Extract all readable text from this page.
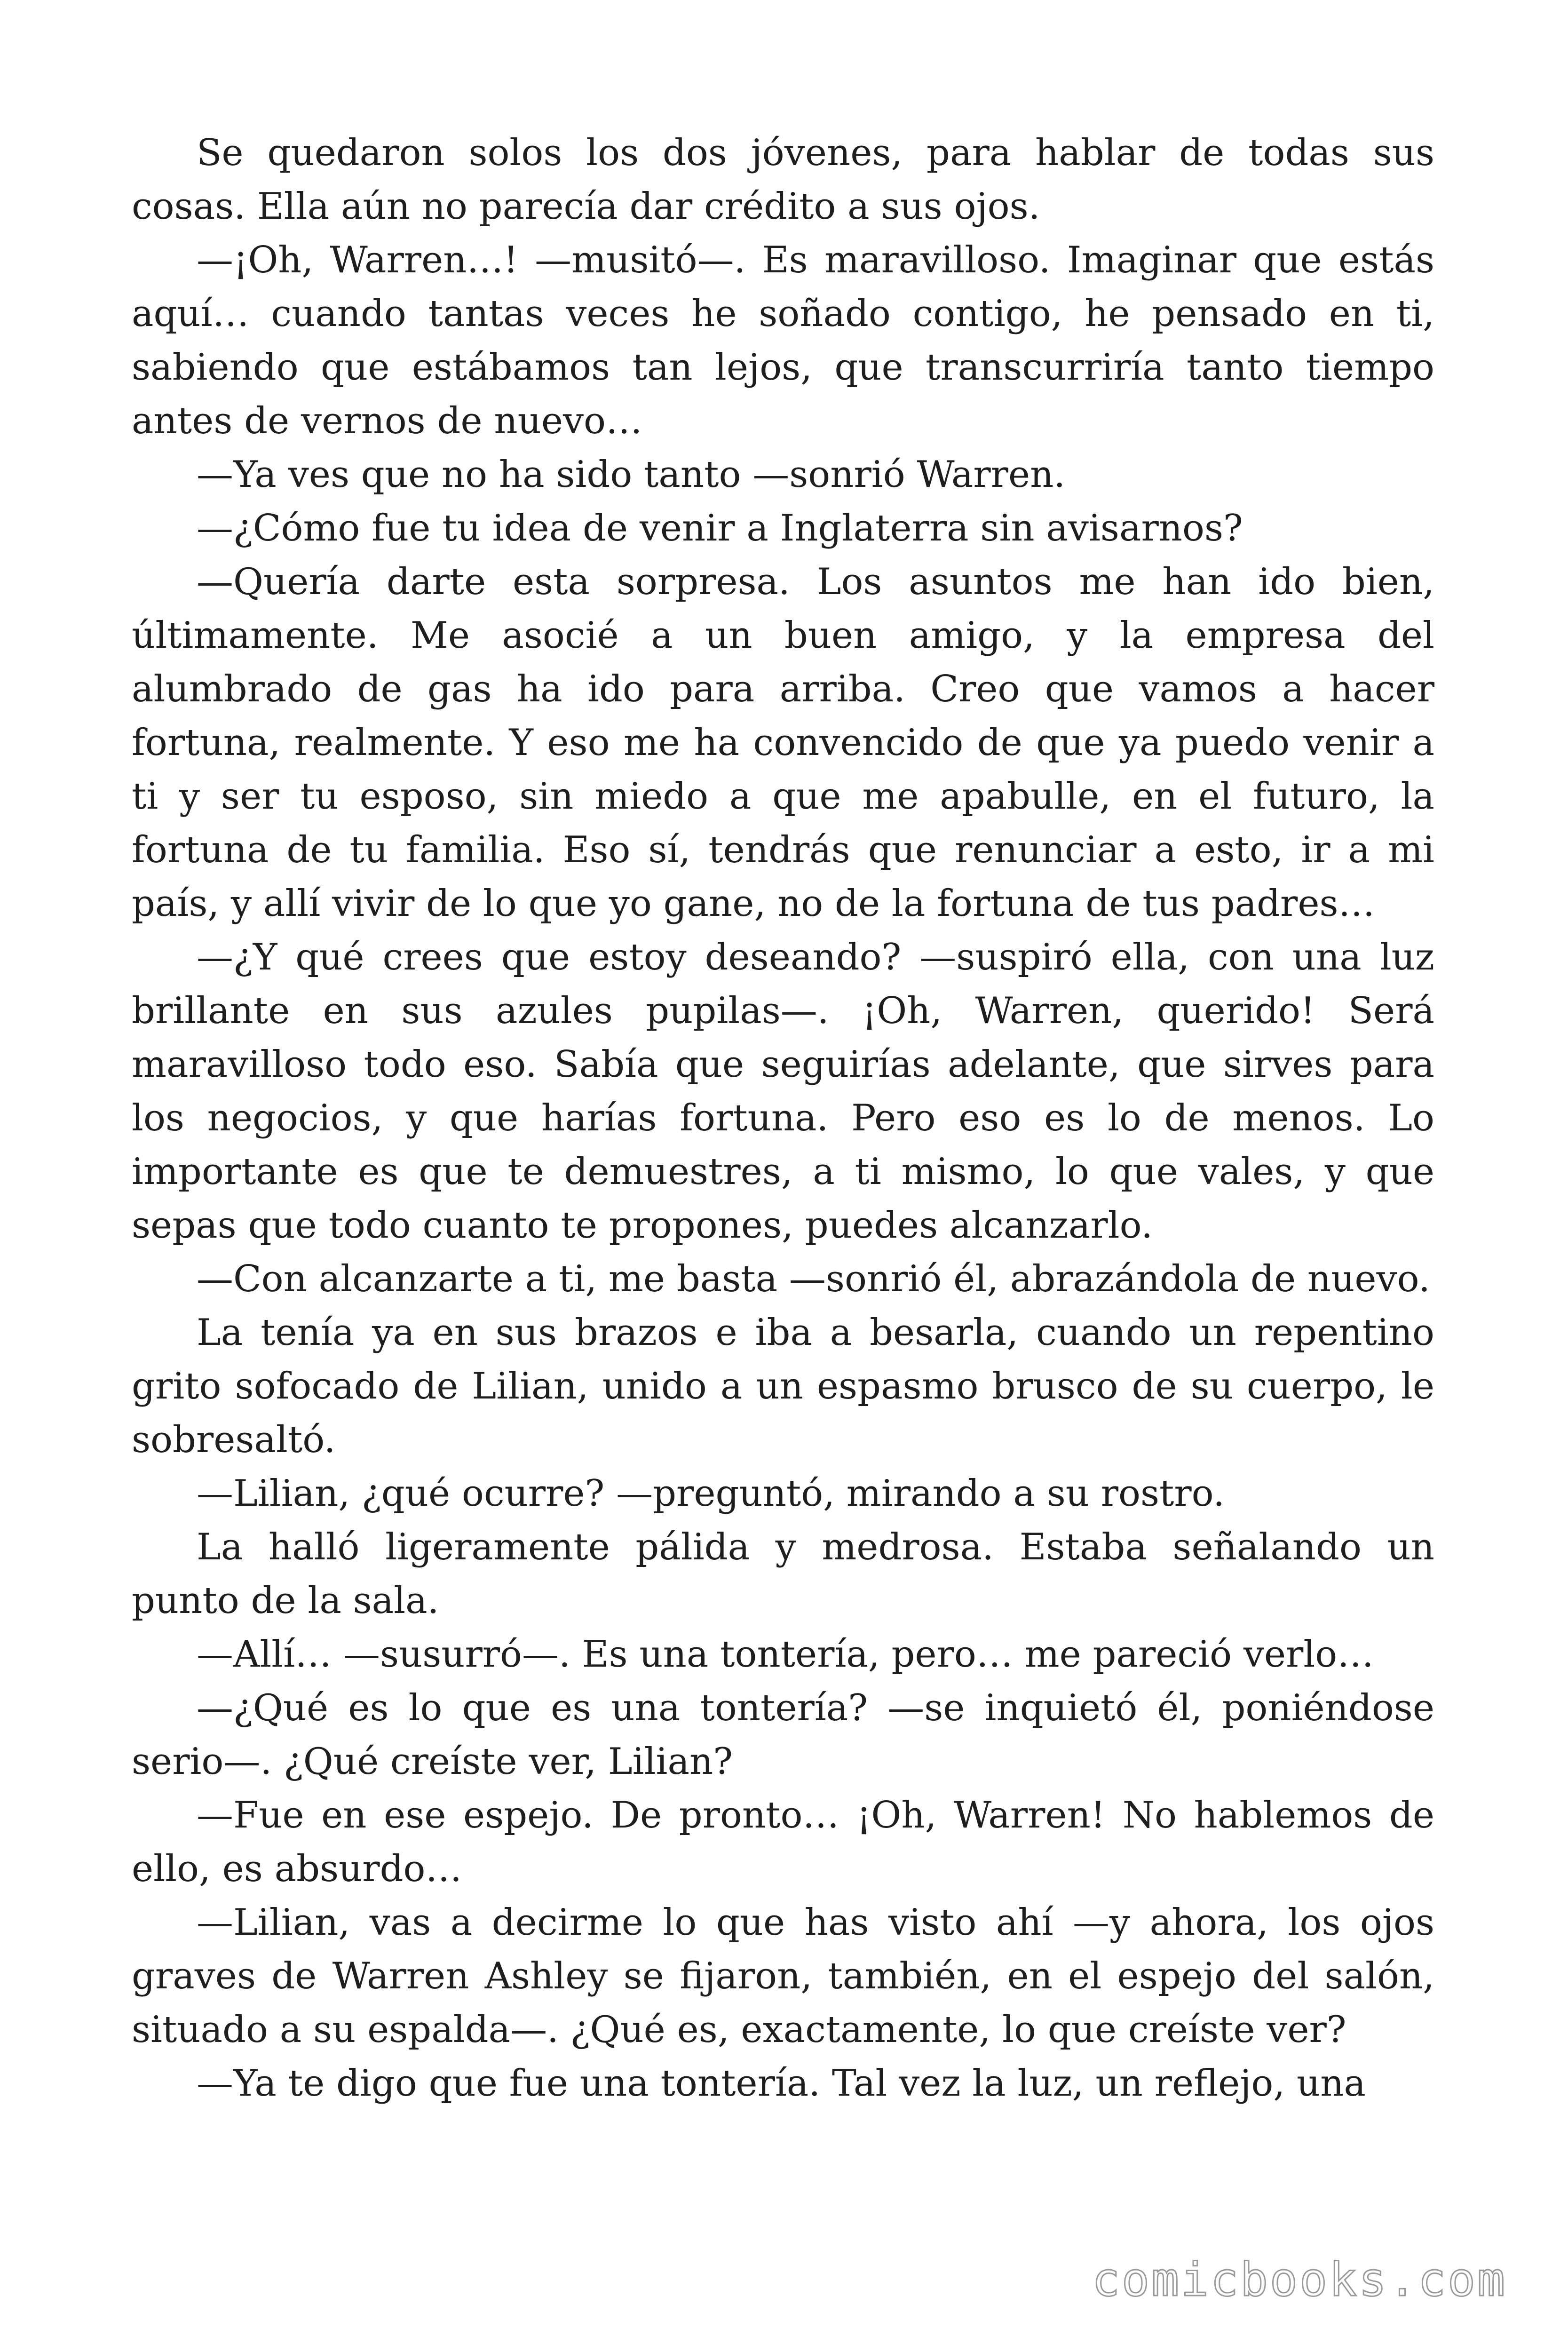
Se quedaron solos los dos jóvenes, para hablar de todas sus cosas. Ella aún no parecía dar crédito a sus ojos.

—¡Oh, Warren…! —musitó—. Es maravilloso. Imaginar que estás aquí… cuando tantas veces he soñado contigo, he pensado en ti, sabiendo que estábamos tan lejos, que transcurriría tanto tiempo antes de vernos de nuevo…

—Ya ves que no ha sido tanto —sonrió Warren.

—¿Cómo fue tu idea de venir a Inglaterra sin avisarnos?

—Quería darte esta sorpresa. Los asuntos me han ido bien, últimamente. Me asocié a un buen amigo, y la empresa del alumbrado de gas ha ido para arriba. Creo que vamos a hacer fortuna, realmente. Y eso me ha convencido de que ya puedo venir a ti y ser tu esposo, sin miedo a que me apabulle, en el futuro, la fortuna de tu familia. Eso sí, tendrás que renunciar a esto, ir a mi país, y allí vivir de lo que yo gane, no de la fortuna de tus padres…

—¿Y qué crees que estoy deseando? —suspiró ella, con una luz brillante en sus azules pupilas—. ¡Oh, Warren, querido! Será maravilloso todo eso. Sabía que seguirías adelante, que sirves para los negocios, y que harías fortuna. Pero eso es lo de menos. Lo importante es que te demuestres, a ti mismo, lo que vales, y que sepas que todo cuanto te propones, puedes alcanzarlo.

—Con alcanzarte a ti, me basta —sonrió él, abrazándola de nuevo.

La tenía ya en sus brazos e iba a besarla, cuando un repentino grito sofocado de Lilian, unido a un espasmo brusco de su cuerpo, le sobresaltó.

—Lilian, ¿qué ocurre? —preguntó, mirando a su rostro.

La halló ligeramente pálida y medrosa. Estaba señalando un punto de la sala.

—Allí… —susurró—. Es una tontería, pero… me pareció verlo…

—¿Qué es lo que es una tontería? —se inquietó él, poniéndose serio—. ¿Qué creíste ver, Lilian?

—Fue en ese espejo. De pronto… ¡Oh, Warren! No hablemos de ello, es absurdo…

—Lilian, vas a decirme lo que has visto ahí —y ahora, los ojos graves de Warren Ashley se fijaron, también, en el espejo del salón, situado a su espalda—. ¿Qué es, exactamente, lo que creíste ver?

—Ya te digo que fue una tontería. Tal vez la luz, un reflejo, una

comicbooks.com
